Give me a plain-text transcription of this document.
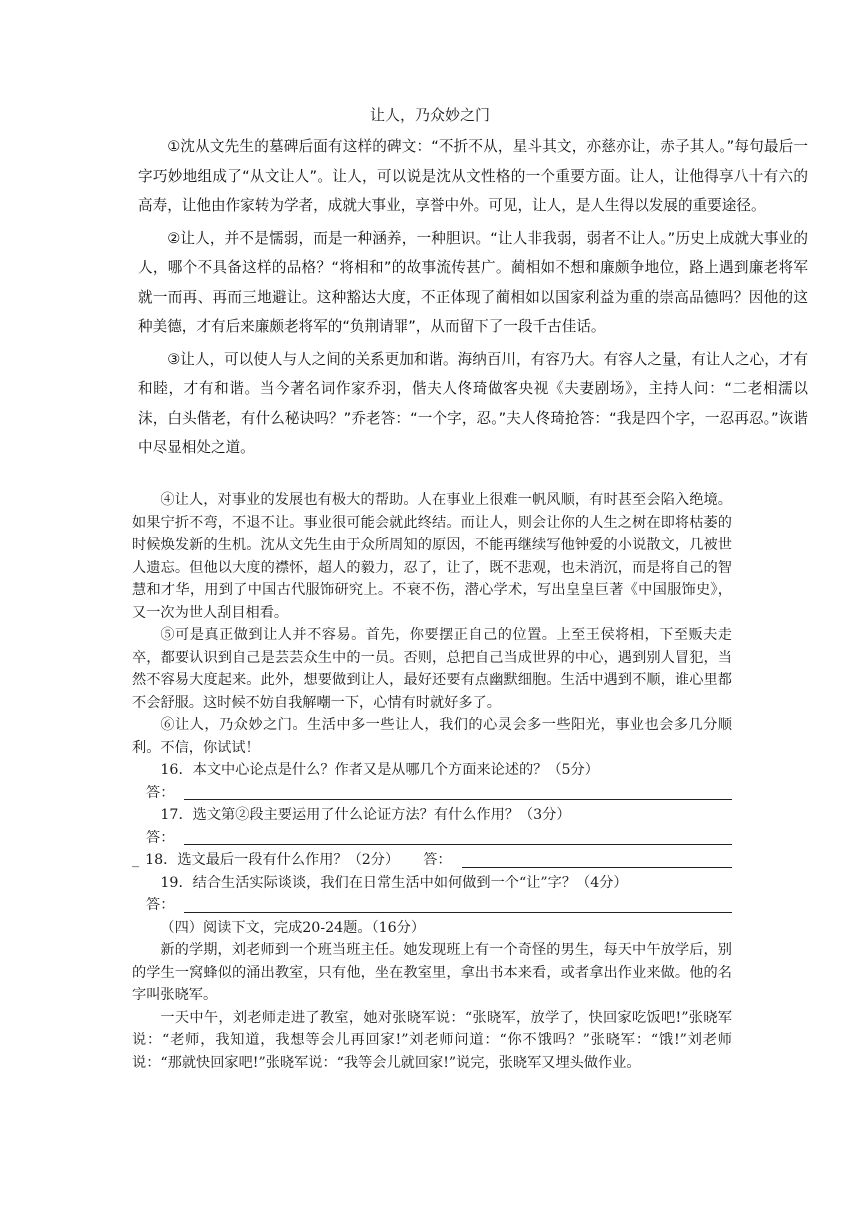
让人，乃众妙之门

①沈从文先生的墓碑后面有这样的碑文：“不折不从，星斗其文，亦慈亦让，赤子其人。”每句最后一字巧妙地组成了“从文让人”。让人，可以说是沈从文性格的一个重要方面。让人，让他得享八十有六的高寿，让他由作家转为学者，成就大事业，享誉中外。可见，让人，是人生得以发展的重要途径。

②让人，并不是懦弱，而是一种涵养，一种胆识。“让人非我弱，弱者不让人。”历史上成就大事业的人，哪个不具备这样的品格？“将相和”的故事流传甚广。蔺相如不想和廉颇争地位，路上遇到廉老将军就一而再、再而三地避让。这种豁达大度，不正体现了蔺相如以国家利益为重的崇高品德吗？因他的这种美德，才有后来廉颇老将军的“负荆请罪”，从而留下了一段千古佳话。

③让人，可以使人与人之间的关系更加和谐。海纳百川，有容乃大。有容人之量，有让人之心，才有和睦，才有和谐。当今著名词作家乔羽，偕夫人佟琦做客央视《夫妻剧场》，主持人问：“二老相濡以沫，白头偕老，有什么秘诀吗？”乔老答：“一个字，忍。”夫人佟琦抢答：“我是四个字，一忍再忍。”诙谐中尽显相处之道。

④让人，对事业的发展也有极大的帮助。人在事业上很难一帆风顺，有时甚至会陷入绝境。如果宁折不弯，不退不让。事业很可能会就此终结。而让人，则会让你的人生之树在即将枯萎的时候焕发新的生机。沈从文先生由于众所周知的原因，不能再继续写他钟爱的小说散文，几被世人遗忘。但他以大度的襟怀，超人的毅力，忍了，让了，既不悲观，也未消沉，而是将自己的智慧和才华，用到了中国古代服饰研究上。不衰不伤，潜心学术，写出皇皇巨著《中国服饰史》，又一次为世人刮目相看。

⑤可是真正做到让人并不容易。首先，你要摆正自己的位置。上至王侯将相，下至贩夫走卒，都要认识到自己是芸芸众生中的一员。否则，总把自己当成世界的中心，遇到别人冒犯，当然不容易大度起来。此外，想要做到让人，最好还要有点幽默细胞。生活中遇到不顺，谁心里都不会舒服。这时候不妨自我解嘲一下，心情有时就好多了。

⑥让人，乃众妙之门。生活中多一些让人，我们的心灵会多一些阳光，事业也会多几分顺利。不信，你试试！

16．本文中心论点是什么？作者又是从哪几个方面来论述的？（5分）

答：

17．选文第②段主要运用了什么论证方法？有什么作用？（3分）

答：
_ 18．选文最后一段有什么作用？（2分） 答：

19．结合生活实际谈谈，我们在日常生活中如何做到一个“让”字？（4分）

答：

（四）阅读下文，完成20-24题。（16分）

新的学期，刘老师到一个班当班主任。她发现班上有一个奇怪的男生，每天中午放学后，别的学生一窝蜂似的涌出教室，只有他，坐在教室里，拿出书本来看，或者拿出作业来做。他的名字叫张晓军。

一天中午，刘老师走进了教室，她对张晓军说：“张晓军，放学了，快回家吃饭吧!”张晓军说：“老师，我知道，我想等会儿再回家!”刘老师问道：“你不饿吗？”张晓军：“饿!”刘老师说：“那就快回家吧!”张晓军说：“我等会儿就回家!”说完，张晓军又埋头做作业。
